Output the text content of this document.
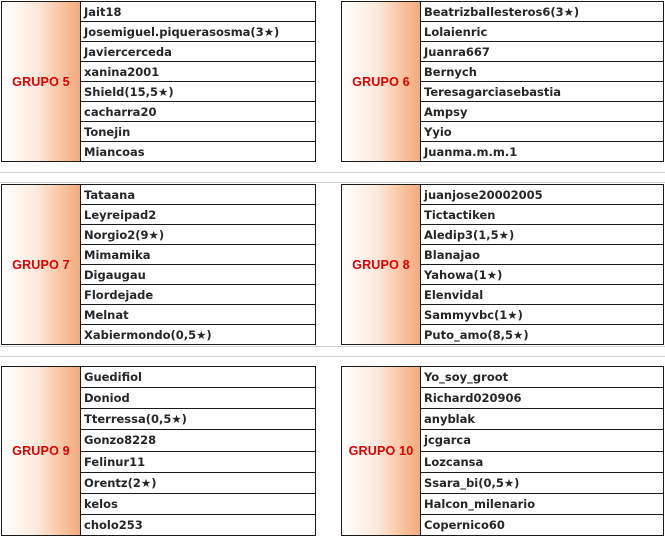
GRUPO 5
Jait18
Josemiguel.piquerasosma(3★)
Javiercerceda
xanina2001
Shield(15,5★)
cacharra20
Tonejin
Miancoas
GRUPO 6
Beatrizballesteros6(3★)
Lolaienric
Juanra667
Bernych
Teresagarciasebastia
Ampsy
Yyio
Juanma.m.m.1
GRUPO 7
Tataana
Leyreipad2
Norgio2(9★)
Mimamika
Digaugau
Flordejade
Melnat
Xabiermondo(0,5★)
GRUPO 8
juanjose20002005
Tictactiken
Aledip3(1,5★)
Blanajao
Yahowa(1★)
Elenvidal
Sammyvbc(1★)
Puto_amo(8,5★)
GRUPO 9
Guedifiol
Doniod
Tterressa(0,5★)
Gonzo8228
Felinur11
Orentz(2★)
kelos
cholo253
GRUPO 10
Yo_soy_groot
Richard020906
anyblak
jcgarca
Lozcansa
Ssara_bi(0,5★)
Halcon_milenario
Copernico60
